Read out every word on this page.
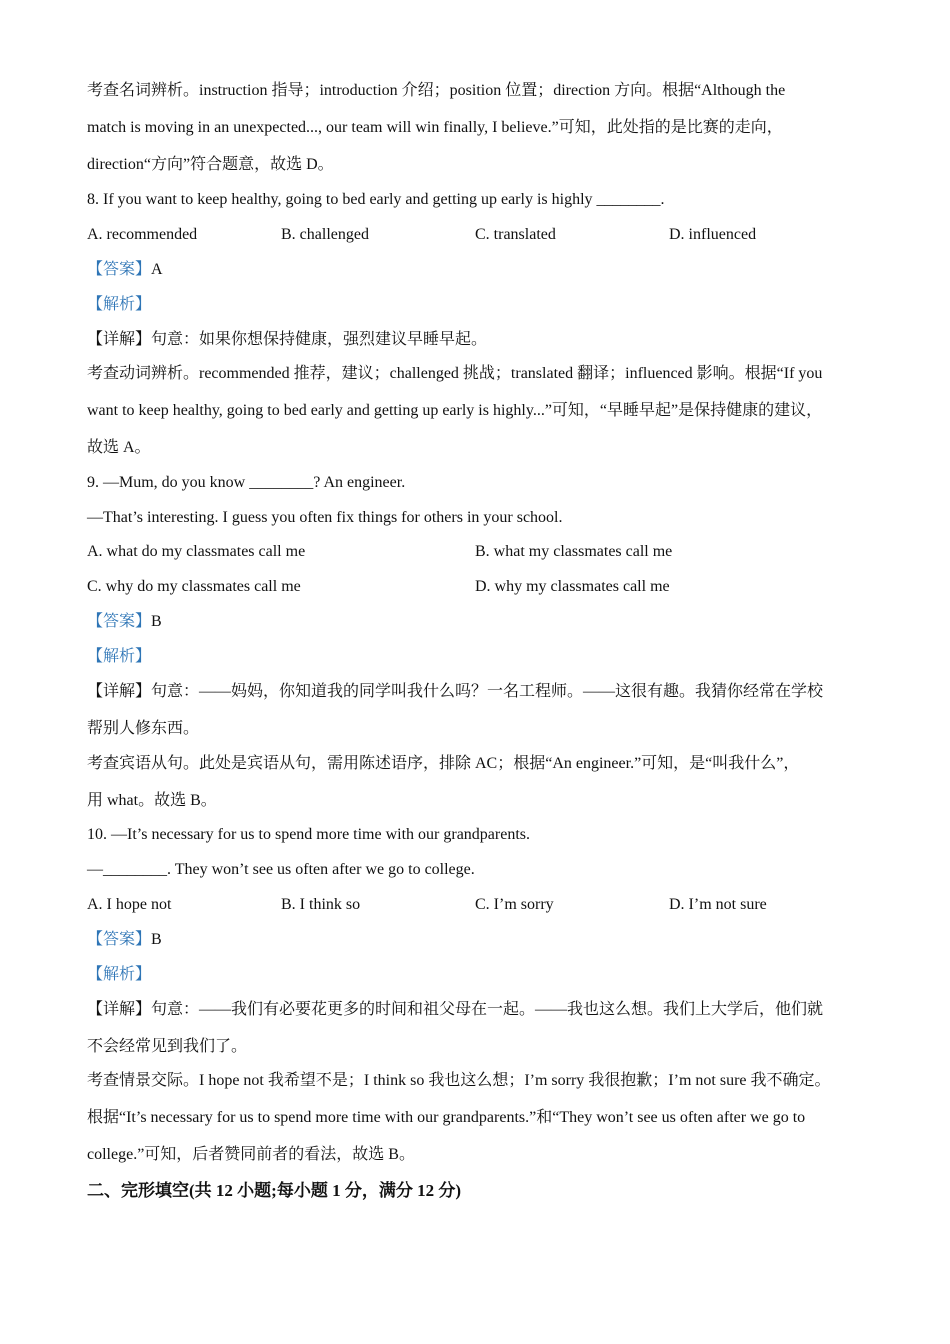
考查名词辨析。instruction 指导；introduction 介绍；position 位置；direction 方向。根据“Although the
match is moving in an unexpected..., our team will win finally, I believe.”可知，此处指的是比赛的走向，
direction“方向”符合题意，故选 D。
8. If you want to keep healthy, going to bed early and getting up early is highly ________.
A. recommended	B. challenged	C. translated	D. influenced
【答案】A
【解析】
【详解】句意：如果你想保持健康，强烈建议早睡早起。
考查动词辨析。recommended 推荐，建议；challenged 挑战；translated 翻译；influenced 影响。根据“If you
want to keep healthy, going to bed early and getting up early is highly...”可知，“早睡早起”是保持健康的建议，
故选 A。
9. —Mum, do you know ________? An engineer.
—That’s interesting. I guess you often fix things for others in your school.
A. what do my classmates call me	B. what my classmates call me
C. why do my classmates call me	D. why my classmates call me
【答案】B
【解析】
【详解】句意：——妈妈，你知道我的同学叫我什么吗？一名工程师。——这很有趣。我猜你经常在学校
帮别人修东西。
考查宾语从句。此处是宾语从句，需用陈述语序，排除 AC；根据“An engineer.”可知，是“叫我什么”，
用 what。故选 B。
10. —It’s necessary for us to spend more time with our grandparents.
—________. They won’t see us often after we go to college.
A. I hope not	B. I think so	C. I’m sorry	D. I’m not sure
【答案】B
【解析】
【详解】句意：——我们有必要花更多的时间和祖父母在一起。——我也这么想。我们上大学后，他们就
不会经常见到我们了。
考查情景交际。I hope not 我希望不是；I think so 我也这么想；I’m sorry 我很抱歉；I’m not sure 我不确定。
根据“It’s necessary for us to spend more time with our grandparents.”和“They won’t see us often after we go to
college.”可知，后者赞同前者的看法，故选 B。
二、完形填空(共 12 小题;每小题 1 分，满分 12 分)
